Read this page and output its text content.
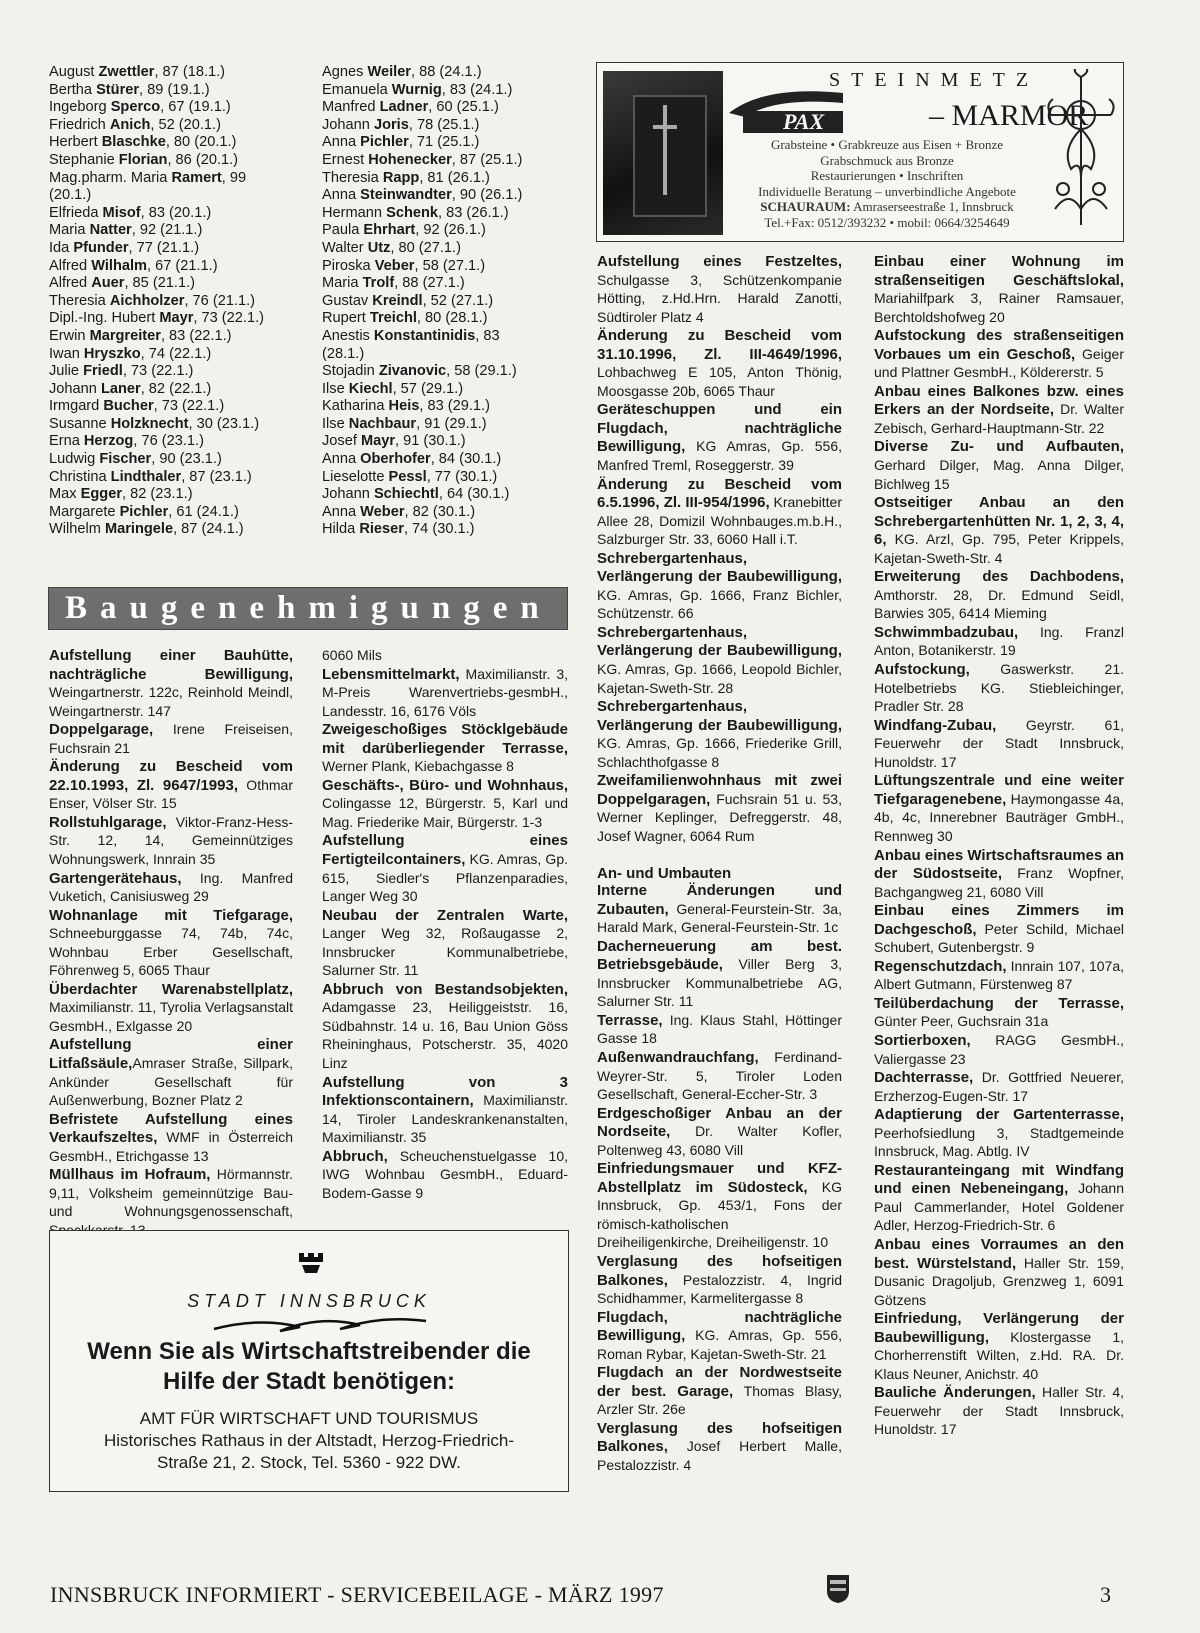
August Zwettler, 87 (18.1.)
Bertha Stürer, 89 (19.1.)
Ingeborg Sperco, 67 (19.1.)
Friedrich Anich, 52 (20.1.)
Herbert Blaschke, 80 (20.1.)
Stephanie Florian, 86 (20.1.)
Mag.pharm. Maria Ramert, 99
(20.1.)
Elfrieda Misof, 83 (20.1.)
Maria Natter, 92 (21.1.)
Ida Pfunder, 77 (21.1.)
Alfred Wilhalm, 67 (21.1.)
Alfred Auer, 85 (21.1.)
Theresia Aichholzer, 76 (21.1.)
Dipl.-Ing. Hubert Mayr, 73 (22.1.)
Erwin Margreiter, 83 (22.1.)
Iwan Hryszko, 74 (22.1.)
Julie Friedl, 73 (22.1.)
Johann Laner, 82 (22.1.)
Irmgard Bucher, 73 (22.1.)
Susanne Holzknecht, 30 (23.1.)
Erna Herzog, 76 (23.1.)
Ludwig Fischer, 90 (23.1.)
Christina Lindthaler, 87 (23.1.)
Max Egger, 82 (23.1.)
Margarete Pichler, 61 (24.1.)
Wilhelm Maringele, 87 (24.1.)
Agnes Weiler, 88 (24.1.)
Emanuela Wurnig, 83 (24.1.)
Manfred Ladner, 60 (25.1.)
Johann Joris, 78 (25.1.)
Anna Pichler, 71 (25.1.)
Ernest Hohenecker, 87 (25.1.)
Theresia Rapp, 81 (26.1.)
Anna Steinwandter, 90 (26.1.)
Hermann Schenk, 83 (26.1.)
Paula Ehrhart, 92 (26.1.)
Walter Utz, 80 (27.1.)
Piroska Veber, 58 (27.1.)
Maria Trolf, 88 (27.1.)
Gustav Kreindl, 52 (27.1.)
Rupert Treichl, 80 (28.1.)
Anestis Konstantinidis, 83
(28.1.)
Stojadin Zivanovic, 58 (29.1.)
Ilse Kiechl, 57 (29.1.)
Katharina Heis, 83 (29.1.)
Ilse Nachbaur, 91 (29.1.)
Josef Mayr, 91 (30.1.)
Anna Oberhofer, 84 (30.1.)
Lieselotte Pessl, 77 (30.1.)
Johann Schiechtl, 64 (30.1.)
Anna Weber, 82 (30.1.)
Hilda Rieser, 74 (30.1.)
PAX
STEINMETZ
– MARMOR
Grabsteine • Grabkreuze aus Eisen + Bronze
Grabschmuck aus Bronze
Restaurierungen • Inschriften
Individuelle Beratung – unverbindliche Angebote
SCHAURAUM: Amraserseestraße 1, Innsbruck
Tel.+Fax: 0512/393232 • mobil: 0664/3254649
Baugenehmigungen

Aufstellung einer Bauhütte, nachträgliche Bewilligung, Weingartnerstr. 122c, Reinhold Meindl, Weingartnerstr. 147

Doppelgarage, Irene Freiseisen, Fuchsrain 21

Änderung zu Bescheid vom 22.10.1993, Zl. 9647/1993, Othmar Enser, Völser Str. 15

Rollstuhlgarage, Viktor-Franz-Hess-Str. 12, 14, Gemeinnütziges Wohnungswerk, Innrain 35

Gartengerätehaus, Ing. Manfred Vuketich, Canisiusweg 29

Wohnanlage mit Tiefgarage, Schneeburggasse 74, 74b, 74c, Wohnbau Erber Gesellschaft, Föhrenweg 5, 6065 Thaur

Überdachter Warenabstellplatz, Maximilianstr. 11, Tyrolia Verlagsanstalt GesmbH., Exlgasse 20

Aufstellung einer Litfaßsäule,Amraser Straße, Sillpark, Ankünder Gesellschaft für Außenwerbung, Bozner Platz 2

Befristete Aufstellung eines Verkaufszeltes, WMF in Österreich GesmbH., Etrichgasse 13

Müllhaus im Hofraum, Hörmannstr. 9,11, Volksheim gemeinnützige Bau- und Wohnungsgenossenschaft,

6060 Mils

Lebensmittelmarkt, Maximilianstr. 3, M-Preis Warenvertriebs-gesmbH., Landesstr. 16, 6176 Völs

Zweigeschoßiges Stöcklgebäude mit darüberliegender Terrasse, Werner Plank, Kiebachgasse 8

Geschäfts-, Büro- und Wohnhaus, Colingasse 12, Bürgerstr. 5, Karl und Mag. Friederike Mair, Bürgerstr. 1-3

Aufstellung eines Fertigteilcontainers, KG. Amras, Gp. 615, Siedler's Pflanzenparadies, Langer Weg 30

Neubau der Zentralen Warte, Langer Weg 32, Roßaugasse 2, Innsbrucker Kommunalbetriebe, Salurner Str. 11

Abbruch von Bestandsobjekten, Adamgasse 23, Heiliggeiststr. 16, Südbahnstr. 14 u. 16, Bau Union Göss Rheininghaus, Potscherstr. 35, 4020 Linz

Aufstellung von 3 Infektionscontainern, Maximilianstr. 14, Tiroler Landeskrankenanstalten, Maximilianstr. 35

Abbruch, Scheuchenstuelgasse 10, IWG Wohnbau GesmbH., Eduard-Bodem-Gasse 9

Aufstellung eines Festzeltes, Schulgasse 3, Schützenkompanie Hötting, z.Hd.Hrn. Harald Zanotti, Südtiroler Platz 4

Änderung zu Bescheid vom 31.10.1996, Zl. III-4649/1996, Lohbachweg E 105, Anton Thönig, Moosgasse 20b, 6065 Thaur

Geräteschuppen und ein Flugdach, nachträgliche Bewilligung, KG Amras, Gp. 556, Manfred Treml, Roseggerstr. 39

Änderung zu Bescheid vom 6.5.1996, Zl. III-954/1996, Kranebitter Allee 28, Domizil Wohnbauges.m.b.H., Salzburger Str. 33, 6060 Hall i.T.

Schrebergartenhaus, Verlängerung der Baubewilligung, KG. Amras, Gp. 1666, Franz Bichler, Schützenstr. 66

Schrebergartenhaus, Verlängerung der Baubewilligung, KG. Amras, Gp. 1666, Leopold Bichler, Kajetan-Sweth-Str. 28

Schrebergartenhaus, Verlängerung der Baubewilligung, KG. Amras, Gp. 1666, Friederike Grill, Schlachthofgasse 8

Zweifamilienwohnhaus mit zwei Doppelgaragen, Fuchsrain 51 u. 53, Werner Keplinger, Defreggerstr. 48, Josef Wagner, 6064 Rum

An- und Umbauten

Interne Änderungen und Zubauten, General-Feurstein-Str. 3a, Harald Mark, General-Feurstein-Str. 1c

Dacherneuerung am best. Betriebsgebäude, Viller Berg 3, Innsbrucker Kommunalbetriebe AG, Salurner Str. 11

Terrasse, Ing. Klaus Stahl, Höttinger Gasse 18

Außenwandrauchfang, Ferdinand-Weyrer-Str. 5, Tiroler Loden Gesellschaft, General-Eccher-Str. 3

Erdgeschoßiger Anbau an der Nordseite, Dr. Walter Kofler, Poltenweg 43, 6080 Vill

Einfriedungsmauer und KFZ-Abstellplatz im Südosteck, KG Innsbruck, Gp. 453/1, Fons der römisch-katholischen Dreiheiligenkirche, Dreiheiligenstr. 10

Verglasung des hofseitigen Balkones, Pestalozzistr. 4, Ingrid Schidhammer, Karmelitergasse 8

Flugdach, nachträgliche Bewilligung, KG. Amras, Gp. 556, Roman Rybar, Kajetan-Sweth-Str. 21

Flugdach an der Nordwestseite der best. Garage, Thomas Blasy, Arzler Str. 26e

Verglasung des hofseitigen Balkones, Josef Herbert Malle, Pestalozzistr. 4

Einbau einer Wohnung im straßenseitigen Geschäftslokal, Mariahilfpark 3, Rainer Ramsauer, Berchtoldshofweg 20

Aufstockung des straßenseitigen Vorbaues um ein Geschoß, Geiger und Plattner GesmbH., Köldererstr. 5

Anbau eines Balkones bzw. eines Erkers an der Nordseite, Dr. Walter Zebisch, Gerhard-Hauptmann-Str. 22

Diverse Zu- und Aufbauten, Gerhard Dilger, Mag. Anna Dilger, Bichlweg 15

Ostseitiger Anbau an den Schrebergartenhütten Nr. 1, 2, 3, 4, 6, KG. Arzl, Gp. 795, Peter Krippels, Kajetan-Sweth-Str. 4

Erweiterung des Dachbodens, Amthorstr. 28, Dr. Edmund Seidl, Barwies 305, 6414 Mieming

Schwimmbadzubau, Ing. Franzl Anton, Botanikerstr. 19

Aufstockung, Gaswerkstr. 21. Hotelbetriebs KG. Stiebleichinger, Pradler Str. 28

Windfang-Zubau, Geyrstr. 61, Feuerwehr der Stadt Innsbruck, Hunoldstr. 17

Lüftungszentrale und eine weiter Tiefgaragenebene, Haymongasse 4a, 4b, 4c, Innerebner Bauträger GmbH., Rennweg 30

Anbau eines Wirtschaftsraumes an der Südostseite, Franz Wopfner, Bachgangweg 21, 6080 Vill

Einbau eines Zimmers im Dachgeschoß, Peter Schild, Michael Schubert, Gutenbergstr. 9

Regenschutzdach, Innrain 107, 107a, Albert Gutmann, Fürstenweg 87

Teilüberdachung der Terrasse, Günter Peer, Guchsrain 31a

Sortierboxen, RAGG GesmbH., Valiergasse 23

Dachterrasse, Dr. Gottfried Neuerer, Erzherzog-Eugen-Str. 17

Adaptierung der Gartenterrasse, Peerhofsiedlung 3, Stadtgemeinde Innsbruck, Mag. Abtlg. IV

Restauranteingang mit Windfang und einen Nebeneingang, Johann Paul Cammerlander, Hotel Goldener Adler, Herzog-Friedrich-Str. 6

Anbau eines Vorraumes an den best. Würstelstand, Haller Str. 159, Dusanic Dragoljub, Grenzweg 1, 6091 Götzens

Einfriedung, Verlängerung der Baubewilligung, Klostergasse 1, Chorherrenstift Wilten, z.Hd. RA. Dr. Klaus Neuner, Anichstr. 40

Bauliche Änderungen, Haller Str. 4, Feuerwehr der Stadt Innsbruck, Hunoldstr. 17

STADT INNSBRUCK
Wenn Sie als Wirtschaftstreibender die
Hilfe der Stadt benötigen:
AMT FÜR WIRTSCHAFT UND TOURISMUS
Historisches Rathaus in der Altstadt, Herzog-Friedrich-
Straße 21, 2. Stock, Tel. 5360 - 922 DW.
INNSBRUCK INFORMIERT - SERVICEBEILAGE - MÄRZ 1997	3
